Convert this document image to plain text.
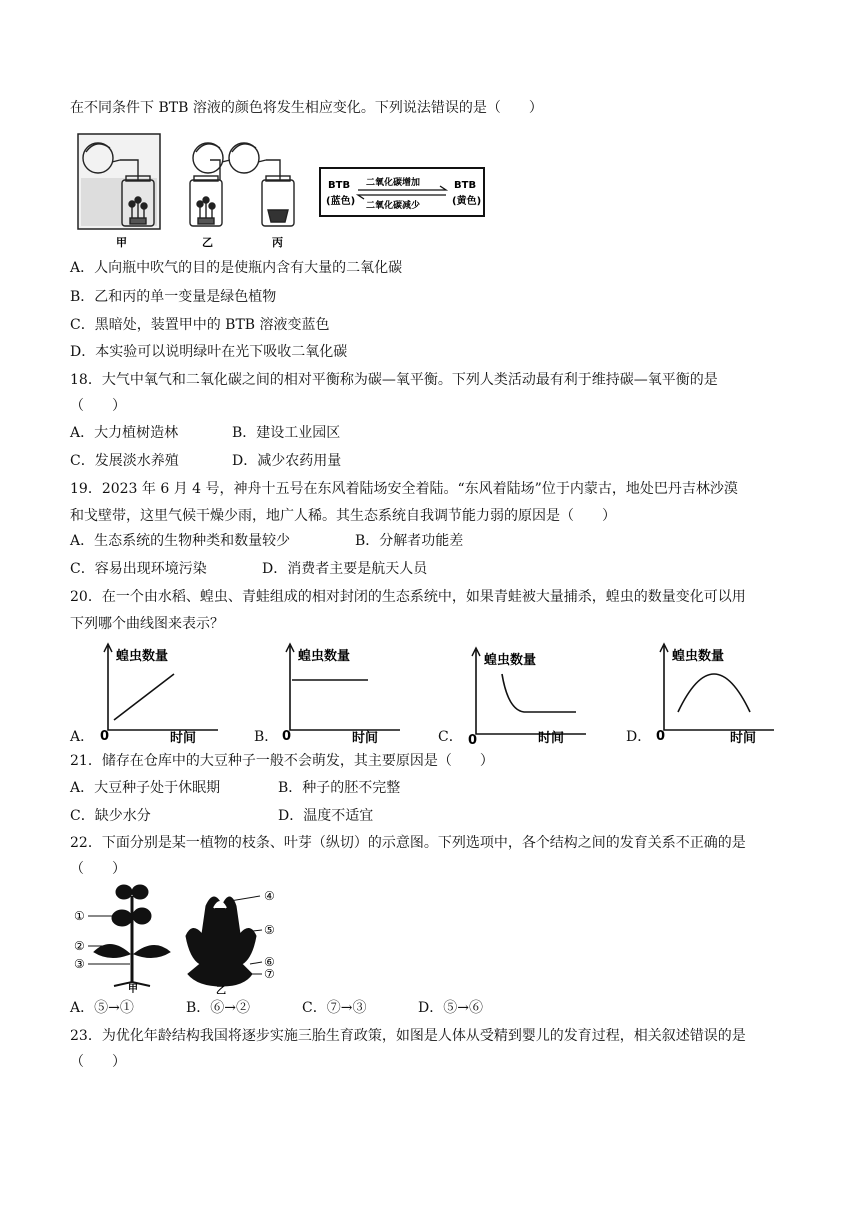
在不同条件下 BTB 溶液的颜色将发生相应变化。下列说法错误的是（　　）
甲	乙	丙
BTB
(蓝色)
BTB
(黄色)
二氧化碳增加
二氧化碳减少
A．人向瓶中吹气的目的是使瓶内含有大量的二氧化碳
B．乙和丙的单一变量是绿色植物
C．黑暗处，装置甲中的 BTB 溶液变蓝色
D．本实验可以说明绿叶在光下吸收二氧化碳
18．大气中氧气和二氧化碳之间的相对平衡称为碳—氧平衡。下列人类活动最有利于维持碳—氧平衡的是
（　　）
A．大力植树造林	B．建设工业园区
C．发展淡水养殖	D．减少农药用量
19．2023 年 6 月 4 号，神舟十五号在东风着陆场安全着陆。“东风着陆场”位于内蒙古，地处巴丹吉林沙漠
和戈壁带，这里气候干燥少雨，地广人稀。其生态系统自我调节能力弱的原因是（　　）
A．生态系统的生物种类和数量较少	B．分解者功能差
C．容易出现环境污染	D．消费者主要是航天人员
20．在一个由水稻、蝗虫、青蛙组成的相对封闭的生态系统中，如果青蛙被大量捕杀，蝗虫的数量变化可以用
下列哪个曲线图来表示？
A．	B．	C．	D．
蝗虫数量
0	时间
蝗虫数量
0	时间
蝗虫数量
0	时间
蝗虫数量
0	时间
21．储存在仓库中的大豆种子一般不会萌发，其主要原因是（　　）
A．大豆种子处于休眠期	B．种子的胚不完整
C．缺少水分	D．温度不适宜
22．下面分别是某一植物的枝条、叶芽（纵切）的示意图。下列选项中，各个结构之间的发育关系不正确的是
（　　）
①
②
③
甲
④
⑤
⑥
⑦
乙
A．⑤→①	B．⑥→②	C．⑦→③	D．⑤→⑥
23．为优化年龄结构我国将逐步实施三胎生育政策，如图是人体从受精到婴儿的发育过程，相关叙述错误的是
（　　）
